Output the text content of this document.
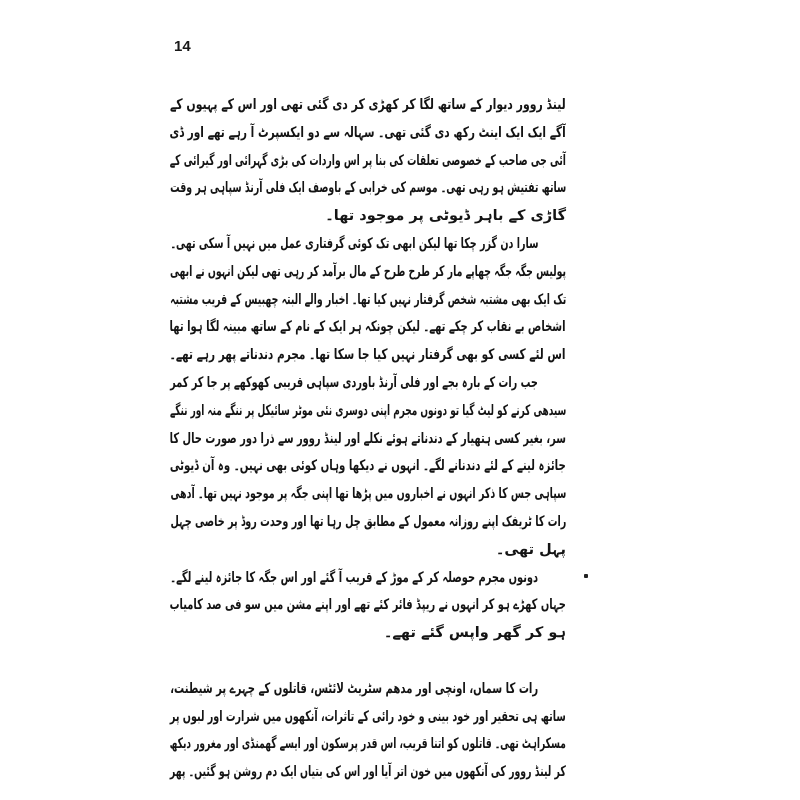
14
لینڈ روور دیوار کے ساتھ لگا کر کھڑی کر دی گئی تھی اور اس کے پہیوں کے
آگے ایک ایک اینٹ رکھ دی گئی تھی۔ سہالہ سے دو ایکسپرٹ آ رہے تھے اور ڈی
آئی جی صاحب کے خصوصی تعلقات کی بنا پر اس واردات کی بڑی گہرائی اور گیرائی کے
ساتھ تفتیش ہو رہی تھی۔ موسم کی خرابی کے باوصف ایک فلی آرنڈ سپاہی ہر وقت
گاڑی کے باہر ڈیوٹی پر موجود تھا۔
سارا دن گزر چکا تھا لیکن ابھی تک کوئی گرفتاری عمل میں نہیں آ سکی تھی۔
پولیس جگہ جگہ چھاپے مار کر طرح طرح کے مال برآمد کر رہی تھی لیکن انہوں نے ابھی
تک ایک بھی مشتبہ شخص گرفتار نہیں کیا تھا۔ اخبار والے البتہ چھبیس کے قریب مشتبہ
اشخاص بے نقاب کر چکے تھے۔ لیکن چونکہ ہر ایک کے نام کے ساتھ مبینہ لگا ہوا تھا
اس لئے کسی کو بھی گرفتار نہیں کیا جا سکا تھا۔ مجرم دندناتے پھر رہے تھے۔
جب رات کے بارہ بجے اور فلی آرنڈ باوردی سپاہی قریبی کھوکھے پر جا کر کمر
سیدھی کرنے کو لیٹ گیا تو دونوں مجرم اپنی دوسری نئی موٹر سائیکل پر ننگے منہ اور ننگے
سر، بغیر کسی ہتھیار کے دندناتے ہوئے نکلے اور لینڈ روور سے ذرا دور صورت حال کا
جائزہ لینے کے لئے دندنانے لگے۔ انہوں نے دیکھا وہاں کوئی بھی نہیں۔ وہ آن ڈیوٹی
سپاہی جس کا ذکر انہوں نے اخباروں میں پڑھا تھا اپنی جگہ پر موجود نہیں تھا۔ آدھی
رات کا ٹریفک اپنے روزانہ معمول کے مطابق چل رہا تھا اور وحدت روڈ پر خاصی چہل
پہل تھی۔
دونوں مجرم حوصلہ کر کے موڑ کے قریب آ گئے اور اس جگہ کا جائزہ لینے لگے۔
جہاں کھڑے ہو کر انہوں نے ریپڈ فائر کئے تھے اور اپنے مشن میں سو فی صد کامیاب
ہو کر گھر واپس گئے تھے۔
رات کا سماں، اونچی اور مدھم سٹریٹ لائٹس، قاتلوں کے چہرے پر شیطنت،
ساتھ ہی تحقیر اور خود بینی و خود رائی کے تاثرات، آنکھوں میں شرارت اور لبوں پر
مسکراہٹ تھی۔ قاتلوں کو اتنا قریب، اس قدر پرسکون اور ایسے گھمنڈی اور مغرور دیکھ
کر لینڈ روور کی آنکھوں میں خون اتر آیا اور اس کی بتیاں ایک دم روشن ہو گئیں۔ پھر
